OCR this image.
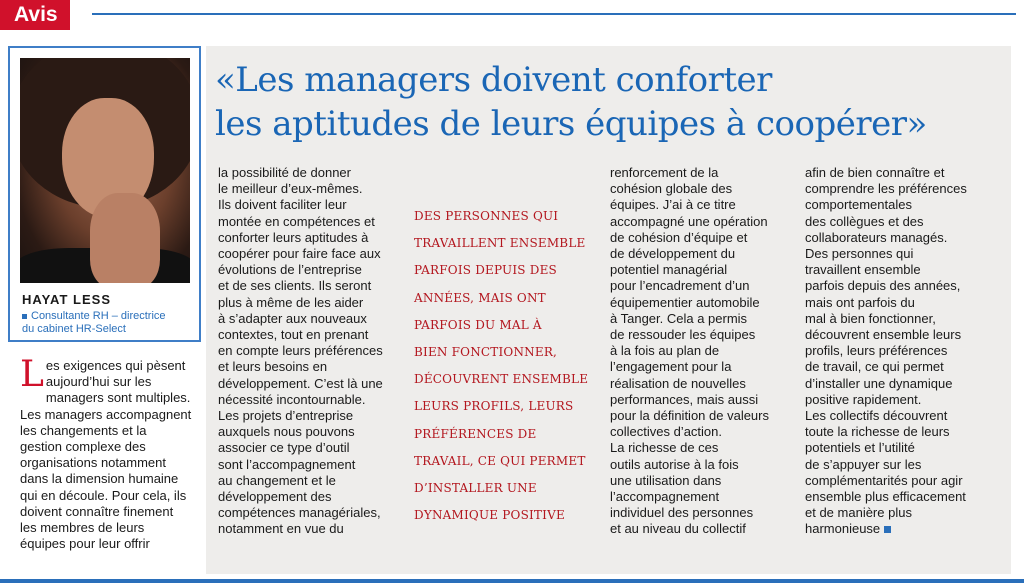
Avis
HAYAT LESS
Consultante RH – directrice
du cabinet HR-Select
«Les managers doivent conforter
les aptitudes de leurs équipes à coopérer»
L es exigences qui pèsent
aujourd’hui sur les
managers sont multiples.
Les managers accompagnent
les changements et la
gestion complexe des
organisations notamment
dans la dimension humaine
qui en découle. Pour cela, ils
doivent connaître finement
les membres de leurs
équipes pour leur offrir
la possibilité de donner
le meilleur d’eux-mêmes.
Ils doivent faciliter leur
montée en compétences et
conforter leurs aptitudes à
coopérer pour faire face aux
évolutions de l’entreprise
et de ses clients. Ils seront
plus à même de les aider
à s’adapter aux nouveaux
contextes, tout en prenant
en compte leurs préférences
et leurs besoins en
développement. C’est là une
nécessité incontournable.
Les projets d’entreprise
auxquels nous pouvons
associer ce type d’outil
sont l’accompagnement
au changement et le
développement des
compétences managériales,
notamment en vue du
DES PERSONNES QUI
TRAVAILLENT ENSEMBLE
PARFOIS DEPUIS DES
ANNÉES, MAIS ONT
PARFOIS DU MAL À
BIEN FONCTIONNER,
DÉCOUVRENT ENSEMBLE
LEURS PROFILS, LEURS
PRÉFÉRENCES DE
TRAVAIL, CE QUI PERMET
D’INSTALLER UNE
DYNAMIQUE POSITIVE
renforcement de la
cohésion globale des
équipes. J’ai à ce titre
accompagné une opération
de cohésion d’équipe et
de développement du
potentiel managérial
pour l’encadrement d’un
équipementier automobile
à Tanger. Cela a permis
de ressouder les équipes
à la fois au plan de
l’engagement pour la
réalisation de nouvelles
performances, mais aussi
pour la définition de valeurs
collectives d’action.
La richesse de ces
outils autorise à la fois
une utilisation dans
l’accompagnement
individuel des personnes
et au niveau du collectif
afin de bien connaître et
comprendre les préférences
comportementales
des collègues et des
collaborateurs managés.
Des personnes qui
travaillent ensemble
parfois depuis des années,
mais ont parfois du
mal à bien fonctionner,
découvrent ensemble leurs
profils, leurs préférences
de travail, ce qui permet
d’installer une dynamique
positive rapidement.
Les collectifs découvrent
toute la richesse de leurs
potentiels et l’utilité
de s’appuyer sur les
complémentarités pour agir
ensemble plus efficacement
et de manière plus
harmonieuse
